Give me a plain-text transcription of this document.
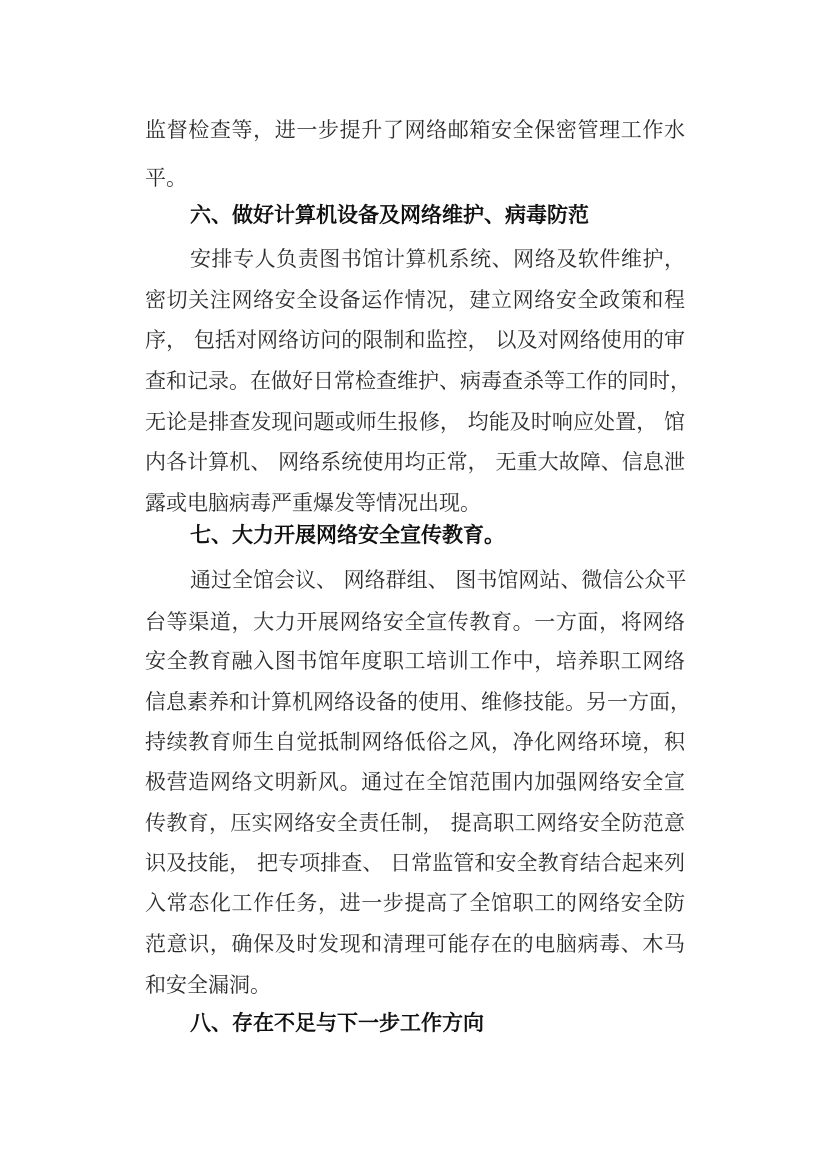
监督检查等，进一步提升了网络邮箱安全保密管理工作水
平。
六、做好计算机设备及网络维护、病毒防范
安排专人负责图书馆计算机系统、网络及软件维护，
密切关注网络安全设备运作情况，建立网络安全政策和程
序， 包括对网络访问的限制和监控， 以及对网络使用的审
查和记录。在做好日常检查维护、病毒查杀等工作的同时，
无论是排查发现问题或师生报修， 均能及时响应处置， 馆
内各计算机、 网络系统使用均正常， 无重大故障、信息泄
露或电脑病毒严重爆发等情况出现。
七、大力开展网络安全宣传教育。
通过全馆会议、 网络群组、 图书馆网站、微信公众平
台等渠道，大力开展网络安全宣传教育。一方面，将网络
安全教育融入图书馆年度职工培训工作中，培养职工网络
信息素养和计算机网络设备的使用、维修技能。另一方面，
持续教育师生自觉抵制网络低俗之风，净化网络环境，积
极营造网络文明新风。通过在全馆范围内加强网络安全宣
传教育，压实网络安全责任制， 提高职工网络安全防范意
识及技能， 把专项排查、 日常监管和安全教育结合起来列
入常态化工作任务，进一步提高了全馆职工的网络安全防
范意识，确保及时发现和清理可能存在的电脑病毒、木马
和安全漏洞。
八、存在不足与下一步工作方向
